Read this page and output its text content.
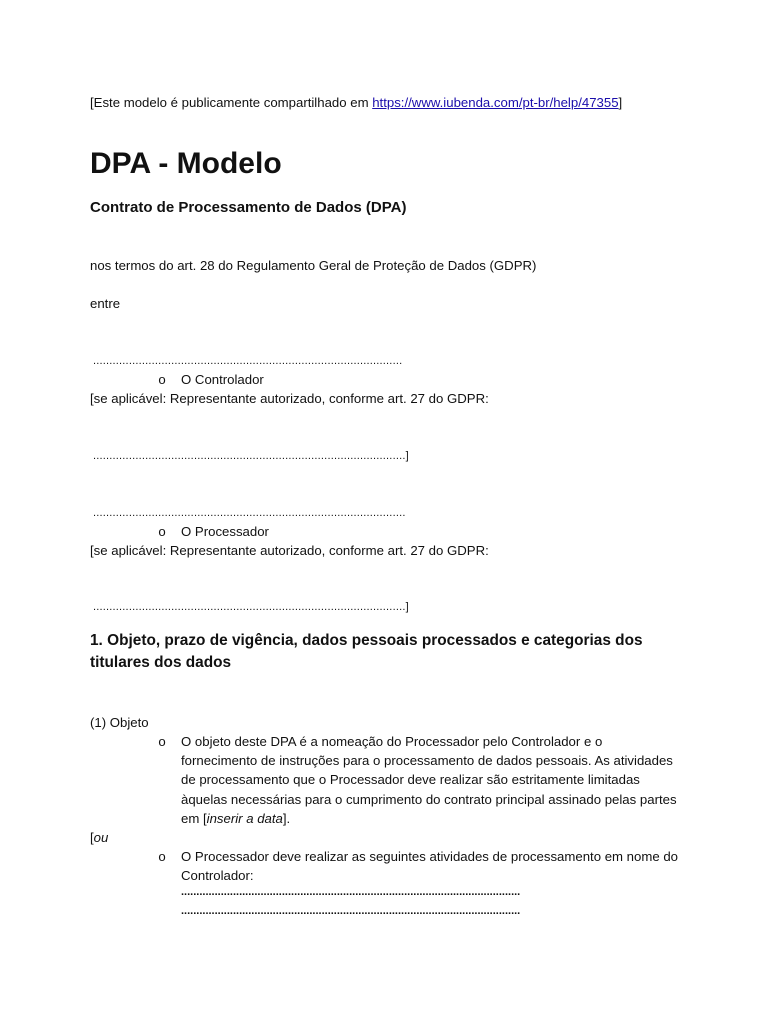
[Este modelo é publicamente compartilhado em https://www.iubenda.com/pt-br/help/47355]
DPA - Modelo
Contrato de Processamento de Dados (DPA)
nos termos do art. 28 do Regulamento Geral de Proteção de Dados (GDPR)
entre
...............................................................................................
o O Controlador
[se aplicável: Representante autorizado, conforme art. 27 do GDPR:
................................................................................................]
................................................................................................
o O Processador
[se aplicável: Representante autorizado, conforme art. 27 do GDPR:
................................................................................................]
1. Objeto, prazo de vigência, dados pessoais processados e categorias dos titulares dos dados
(1) Objeto
o O objeto deste DPA é a nomeação do Processador pelo Controlador e o fornecimento de instruções para o processamento de dados pessoais. As atividades de processamento que o Processador deve realizar são estritamente limitadas àquelas necessárias para o cumprimento do contrato principal assinado pelas partes em [inserir a data].
[ou
o O Processador deve realizar as seguintes atividades de processamento em nome do Controlador:
...............................................................................................................
...............................................................................................................
